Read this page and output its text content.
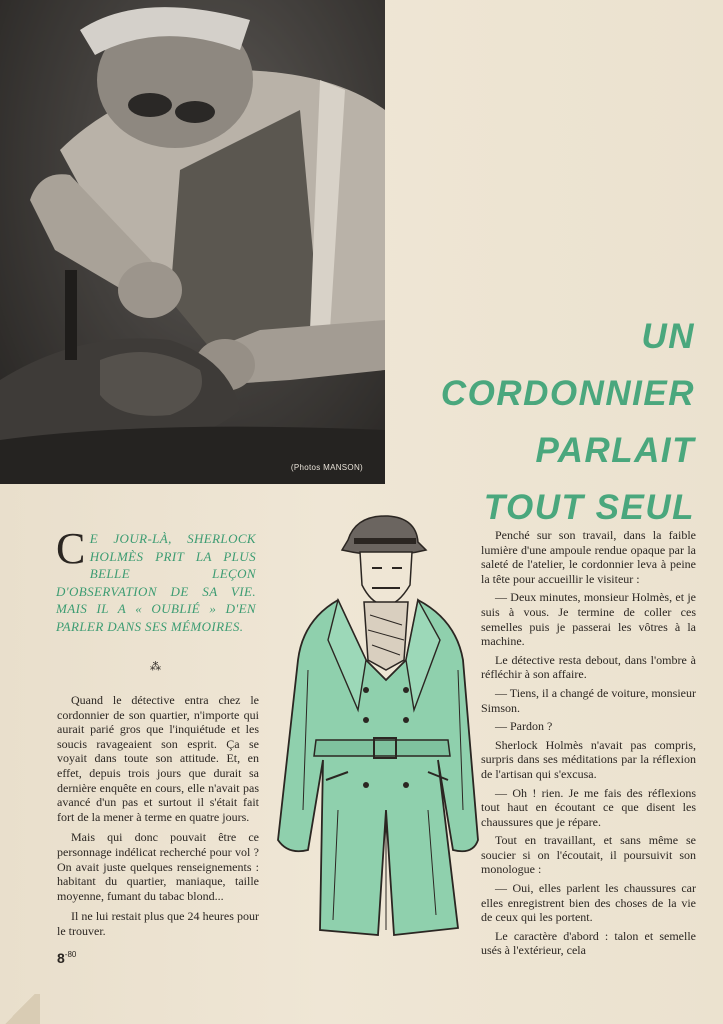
(Photos MANSON)
UN
CORDONNIER
PARLAIT
TOUT SEUL
C E JOUR-LÀ, SHERLOCK HOLMÈS PRIT LA PLUS BELLE LEÇON D'OBSERVATION DE SA VIE. MAIS IL A « OUBLIÉ » D'EN PARLER DANS SES MÉMOIRES.
⁂

Quand le détective entra chez le cordonnier de son quartier, n'importe qui aurait parié gros que l'inquiétude et les soucis ravageaient son esprit. Ça se voyait dans toute son attitude. Et, en effet, depuis trois jours que durait sa dernière enquête en cours, elle n'avait pas avancé d'un pas et surtout il s'était fait fort de la mener à terme en quatre jours.

Mais qui donc pouvait être ce personnage indélicat recherché pour vol ? On avait juste quelques renseignements : habitant du quartier, maniaque, taille moyenne, fumant du tabac blond...

Il ne lui restait plus que 24 heures pour le trouver.

Penché sur son travail, dans la faible lumière d'une ampoule rendue opaque par la saleté de l'atelier, le cordonnier leva à peine la tête pour accueillir le visiteur :

— Deux minutes, monsieur Holmès, et je suis à vous. Je termine de coller ces semelles puis je passerai les vôtres à la machine.

Le détective resta debout, dans l'ombre à réfléchir à son affaire.

— Tiens, il a changé de voiture, monsieur Simson.

— Pardon ?

Sherlock Holmès n'avait pas compris, surpris dans ses méditations par la réflexion de l'artisan qui s'excusa.

— Oh ! rien. Je me fais des réflexions tout haut en écoutant ce que disent les chaussures que je répare.

Tout en travaillant, et sans même se soucier si on l'écoutait, il poursuivit son monologue :

— Oui, elles parlent les chaussures car elles enregistrent bien des choses de la vie de ceux qui les portent.

Le caractère d'abord : talon et semelle usés à l'extérieur, cela

$8^{-80}$
